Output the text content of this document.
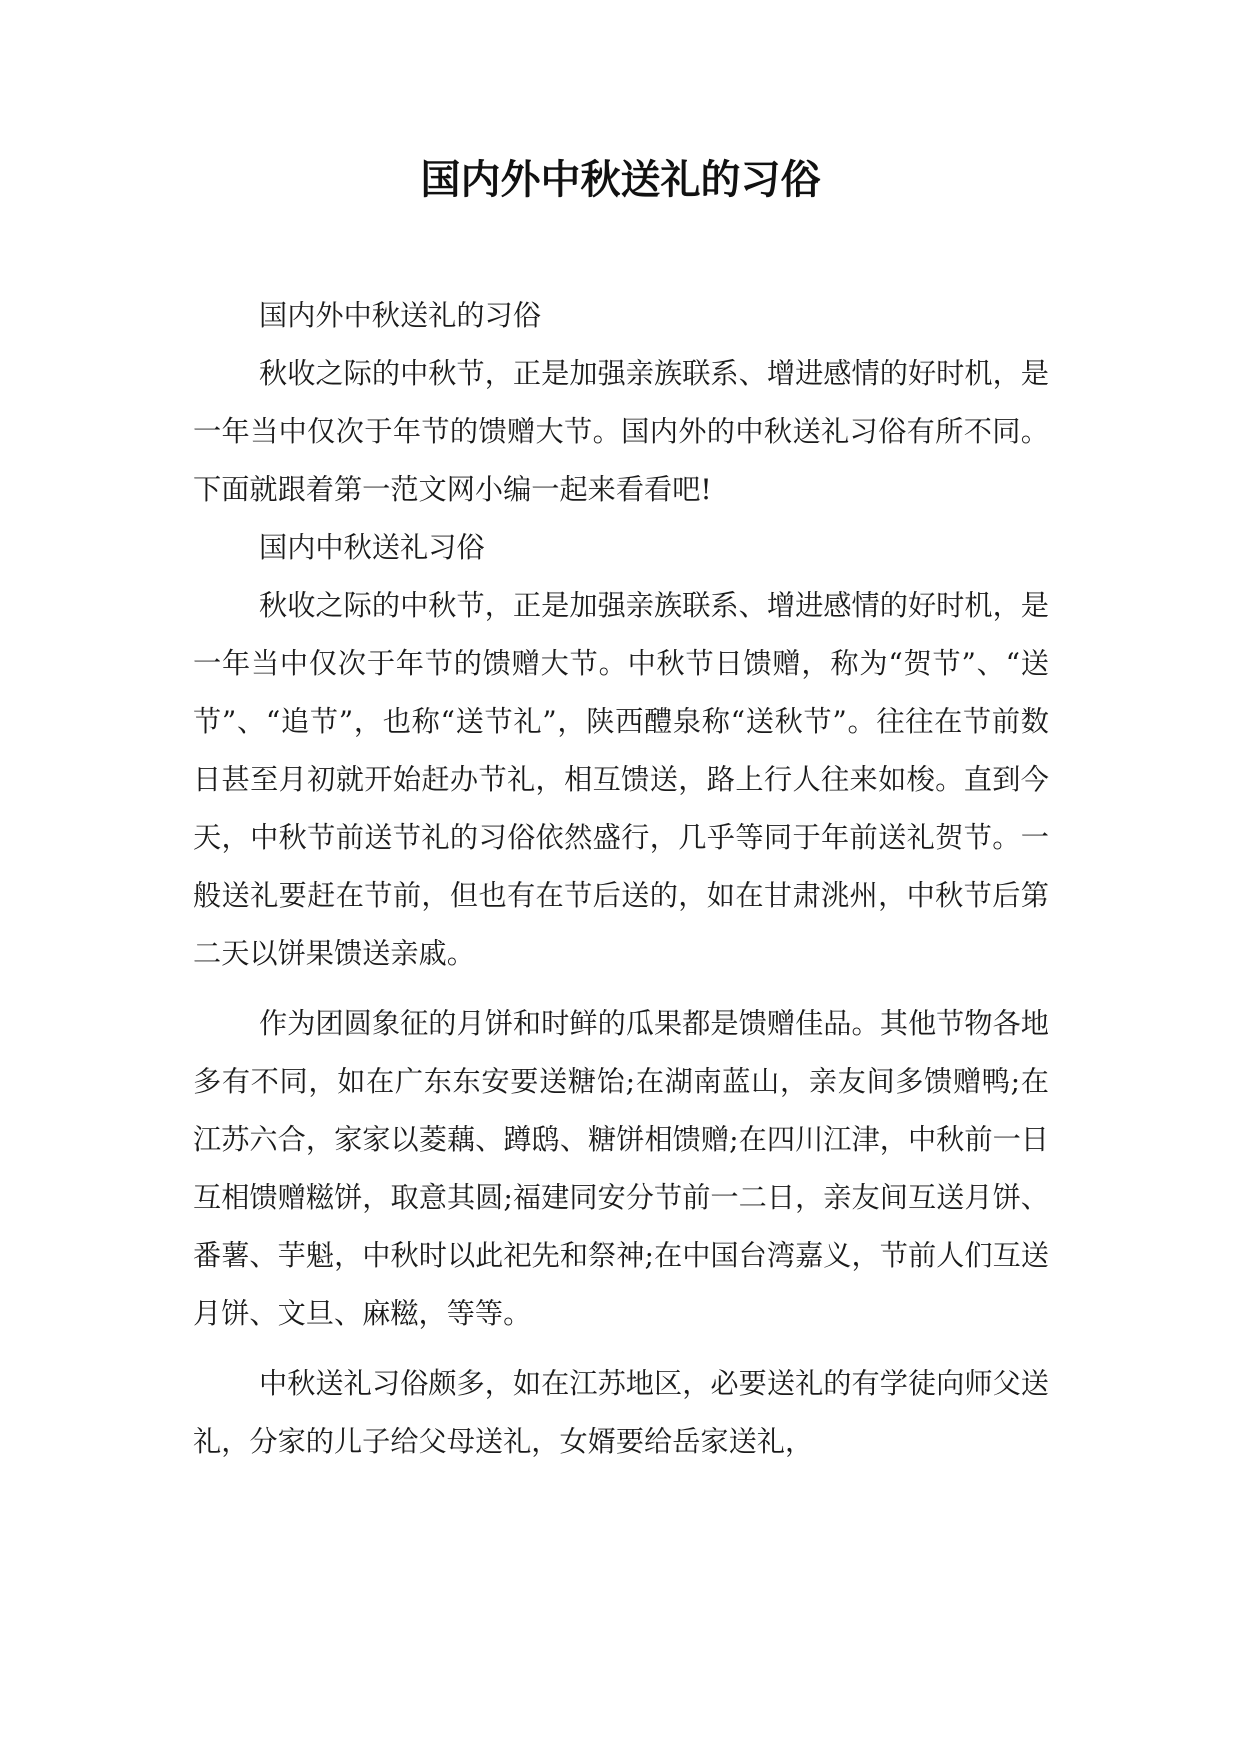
国内外中秋送礼的习俗

国内外中秋送礼的习俗

秋收之际的中秋节，正是加强亲族联系、增进感情的好时机，是一年当中仅次于年节的馈赠大节。国内外的中秋送礼习俗有所不同。下面就跟着第一范文网小编一起来看看吧!

国内中秋送礼习俗

秋收之际的中秋节，正是加强亲族联系、增进感情的好时机，是一年当中仅次于年节的馈赠大节。中秋节日馈赠，称为“贺节”、“送节”、“追节”，也称“送节礼”，陕西醴泉称“送秋节”。往往在节前数日甚至月初就开始赶办节礼，相互馈送，路上行人往来如梭。直到今天，中秋节前送节礼的习俗依然盛行，几乎等同于年前送礼贺节。一般送礼要赶在节前，但也有在节后送的，如在甘肃洮州，中秋节后第二天以饼果馈送亲戚。

作为团圆象征的月饼和时鲜的瓜果都是馈赠佳品。其他节物各地多有不同，如在广东东安要送糖饴;在湖南蓝山，亲友间多馈赠鸭;在江苏六合，家家以菱藕、蹲鸱、糖饼相馈赠;在四川江津，中秋前一日互相馈赠糍饼，取意其圆;福建同安分节前一二日，亲友间互送月饼、番薯、芋魁，中秋时以此祀先和祭神;在中国台湾嘉义，节前人们互送月饼、文旦、麻糍，等等。

中秋送礼习俗颇多，如在江苏地区，必要送礼的有学徒向师父送礼，分家的儿子给父母送礼，女婿要给岳家送礼，
